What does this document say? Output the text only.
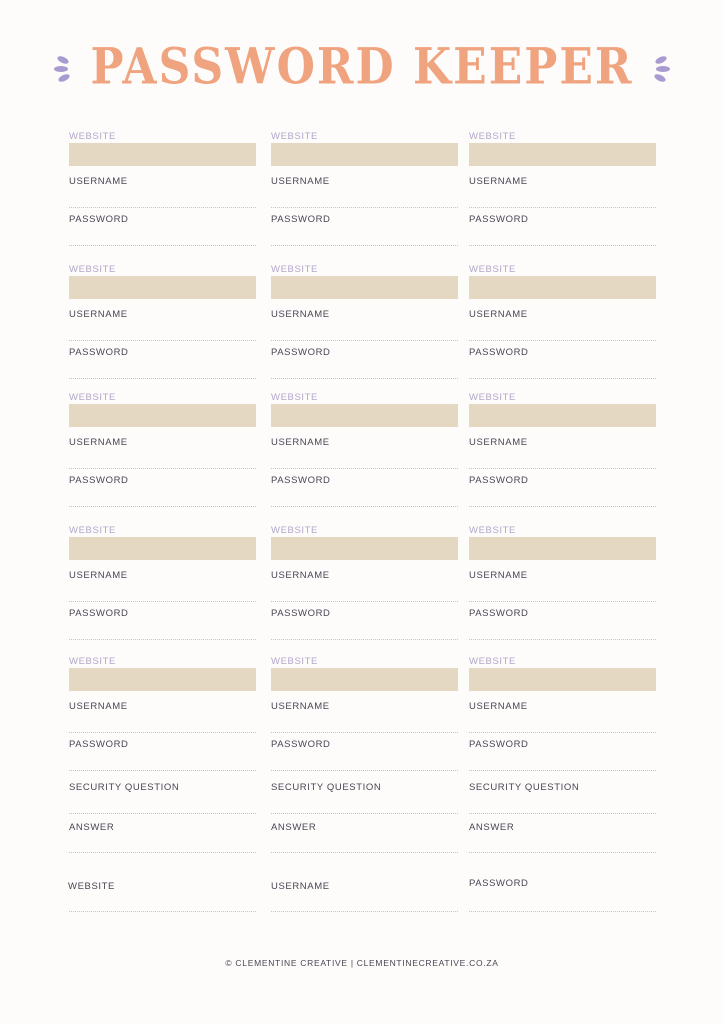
PASSWORD KEEPER
WEBSITE
USERNAME
PASSWORD
WEBSITE
USERNAME
PASSWORD
WEBSITE
USERNAME
PASSWORD
WEBSITE
USERNAME
PASSWORD
WEBSITE
USERNAME
PASSWORD
WEBSITE
USERNAME
PASSWORD
WEBSITE
USERNAME
PASSWORD
WEBSITE
USERNAME
PASSWORD
WEBSITE
USERNAME
PASSWORD
WEBSITE
USERNAME
PASSWORD
WEBSITE
USERNAME
PASSWORD
WEBSITE
USERNAME
PASSWORD
WEBSITE
USERNAME
PASSWORD
SECURITY QUESTION
ANSWER
WEBSITE
USERNAME
PASSWORD
SECURITY QUESTION
ANSWER
WEBSITE
USERNAME
PASSWORD
SECURITY QUESTION
ANSWER
WEBSITE	USERNAME	PASSWORD
© CLEMENTINE CREATIVE | CLEMENTINECREATIVE.CO.ZA
